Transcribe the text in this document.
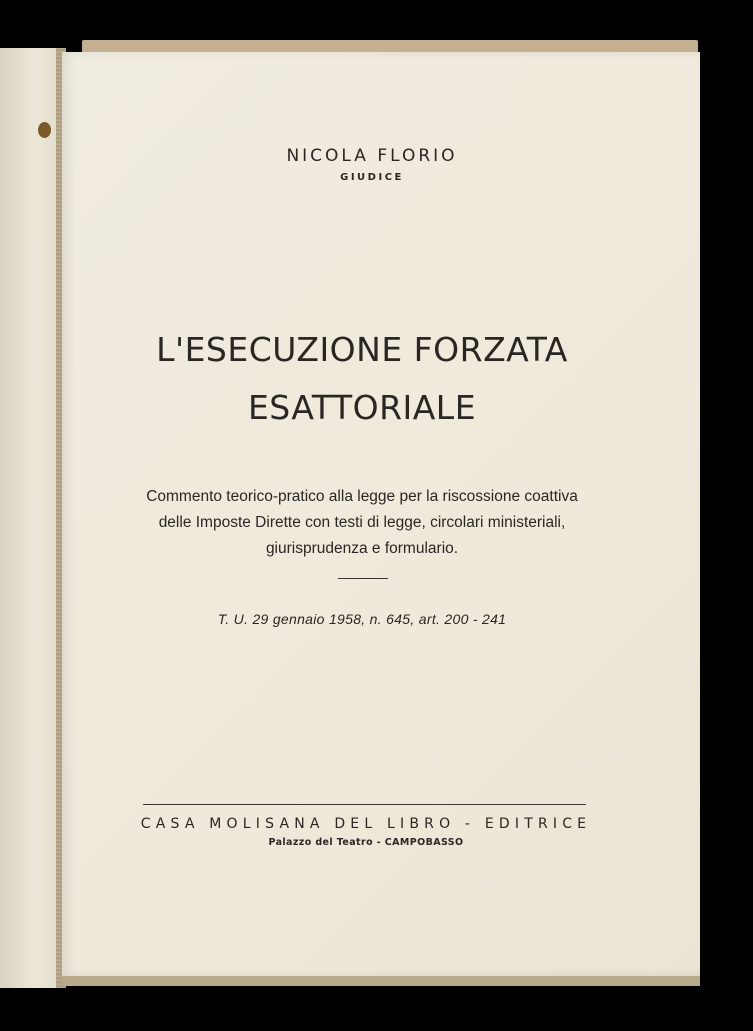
NICOLA FLORIO
GIUDICE
L'ESECUZIONE FORZATA
ESATTORIALE
Commento teorico-pratico alla legge per la riscossione coattiva
delle Imposte Dirette con testi di legge, circolari ministeriali,
giurisprudenza e formulario.
T. U. 29 gennaio 1958, n. 645, art. 200 - 241
CASA MOLISANA DEL LIBRO - EDITRICE
Palazzo del Teatro - CAMPOBASSO
